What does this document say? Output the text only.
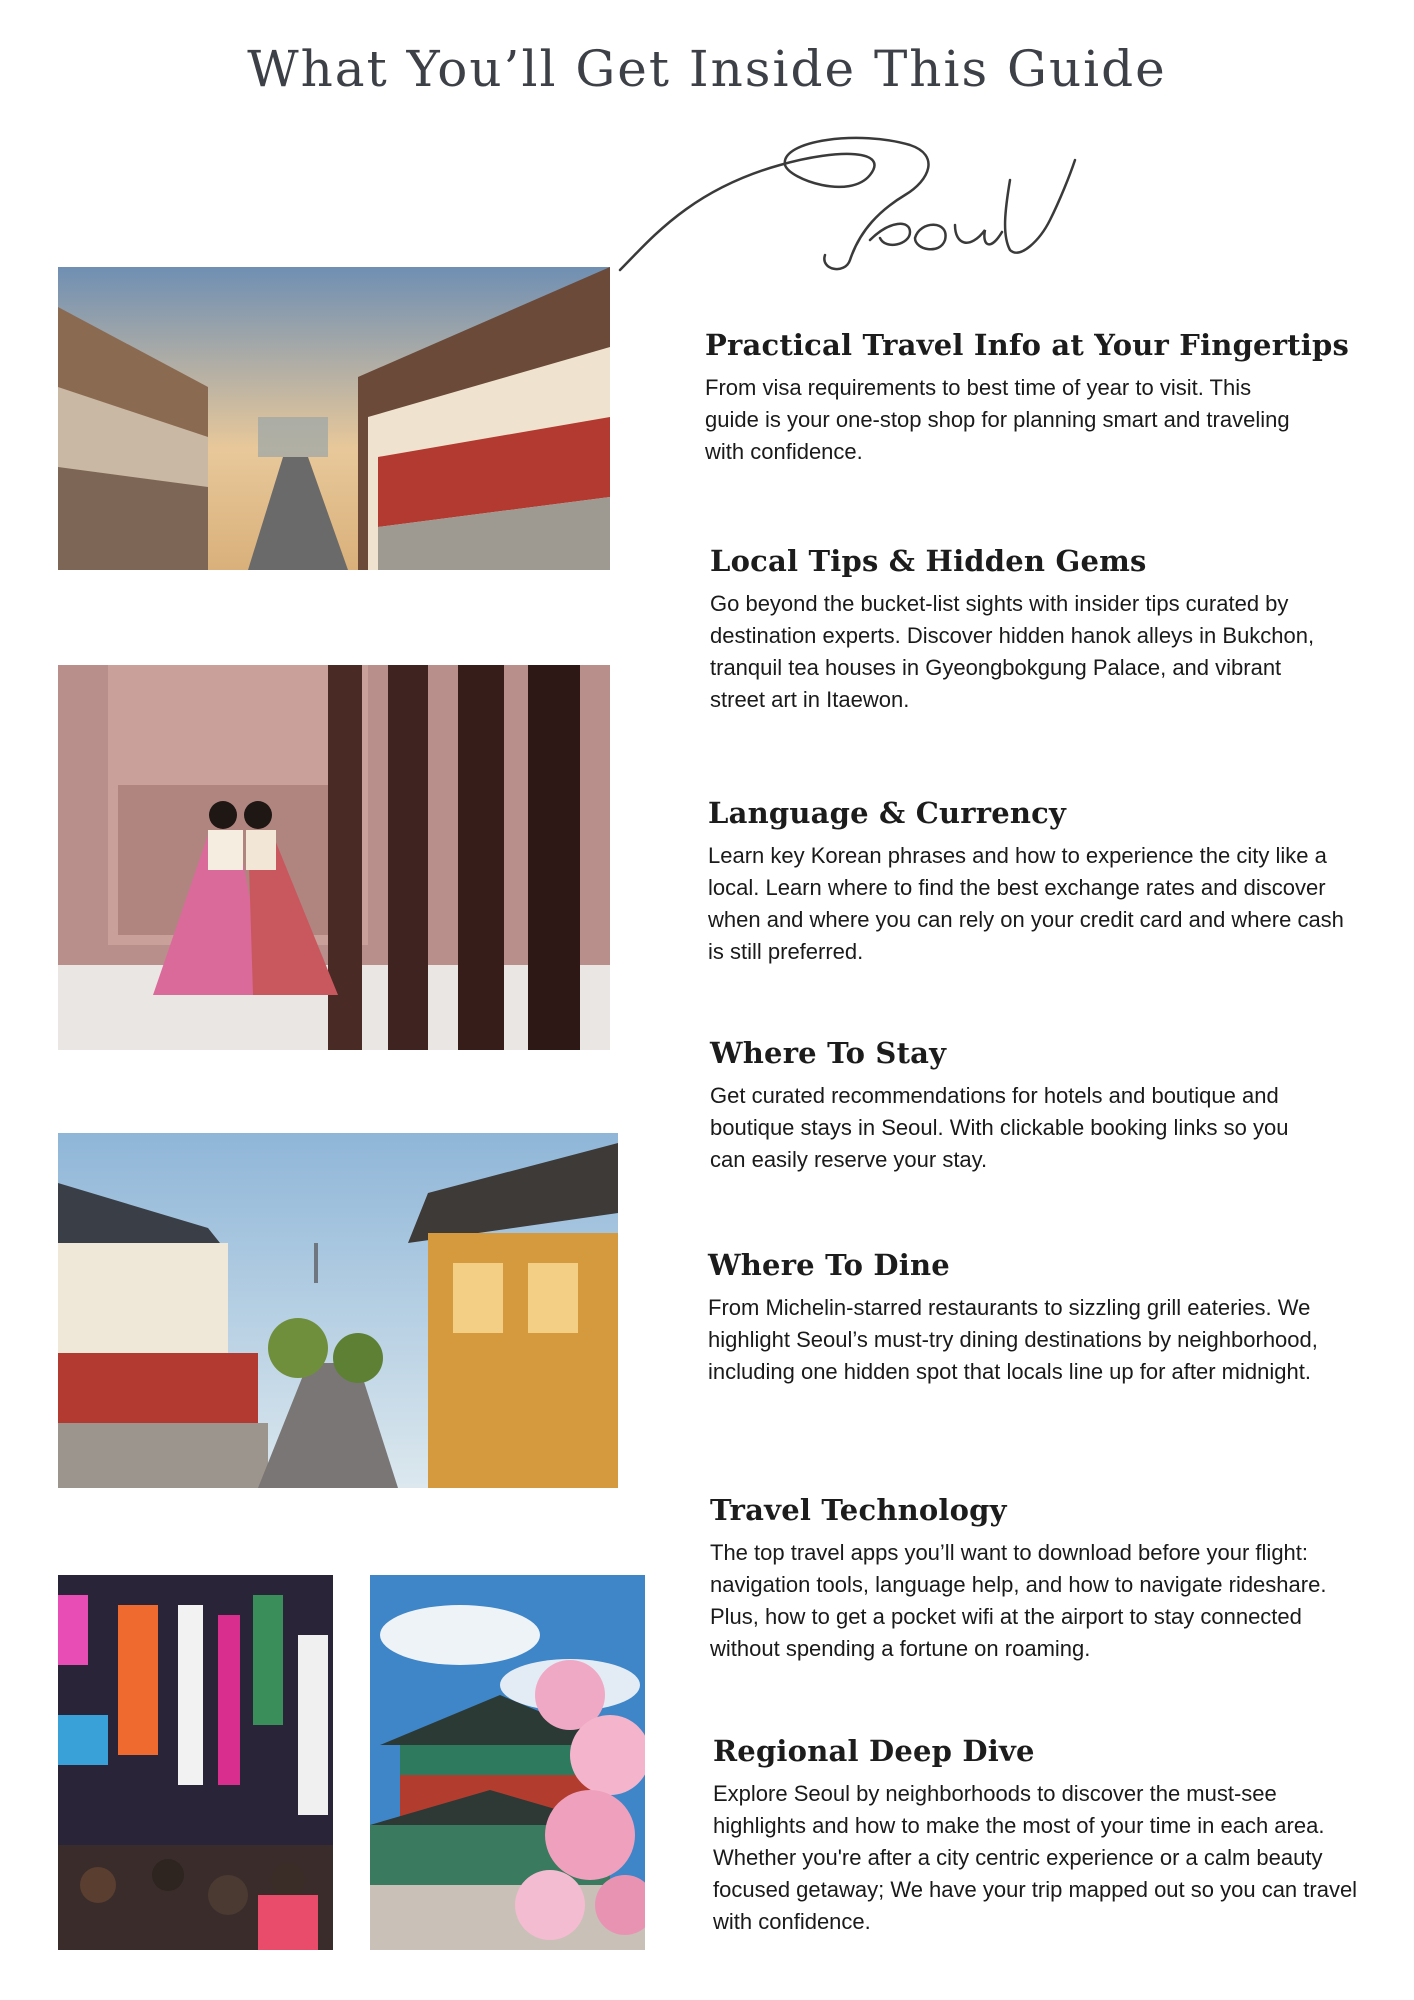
What You’ll Get Inside This Guide
Practical Travel Info at Your Fingertips

From visa requirements to best time of year to visit. This guide is your one-stop shop for planning smart and traveling with confidence.

Local Tips & Hidden Gems

Go beyond the bucket-list sights with insider tips curated by destination experts. Discover hidden hanok alleys in Bukchon, tranquil tea houses in Gyeongbokgung Palace, and vibrant street art in Itaewon.

Language & Currency

Learn key Korean phrases and how to experience the city like a local. Learn where to find the best exchange rates and discover when and where you can rely on your credit card and where cash is still preferred.

Where To Stay

Get curated recommendations for hotels and boutique and boutique stays in Seoul. With clickable booking links so you can easily reserve your stay.

Where To Dine

From Michelin-starred restaurants to sizzling grill eateries. We highlight Seoul’s must-try dining destinations by neighborhood, including one hidden spot that locals line up for after midnight.

Travel Technology

The top travel apps you’ll want to download before your flight: navigation tools, language help, and how to navigate rideshare. Plus, how to get a pocket wifi at the airport to stay connected without spending a fortune on roaming.

Regional Deep Dive

Explore Seoul by neighborhoods to discover the must-see highlights and how to make the most of your time in each area. Whether you're after a city centric experience or a calm beauty focused getaway; We have your trip mapped out so you can travel with confidence.
